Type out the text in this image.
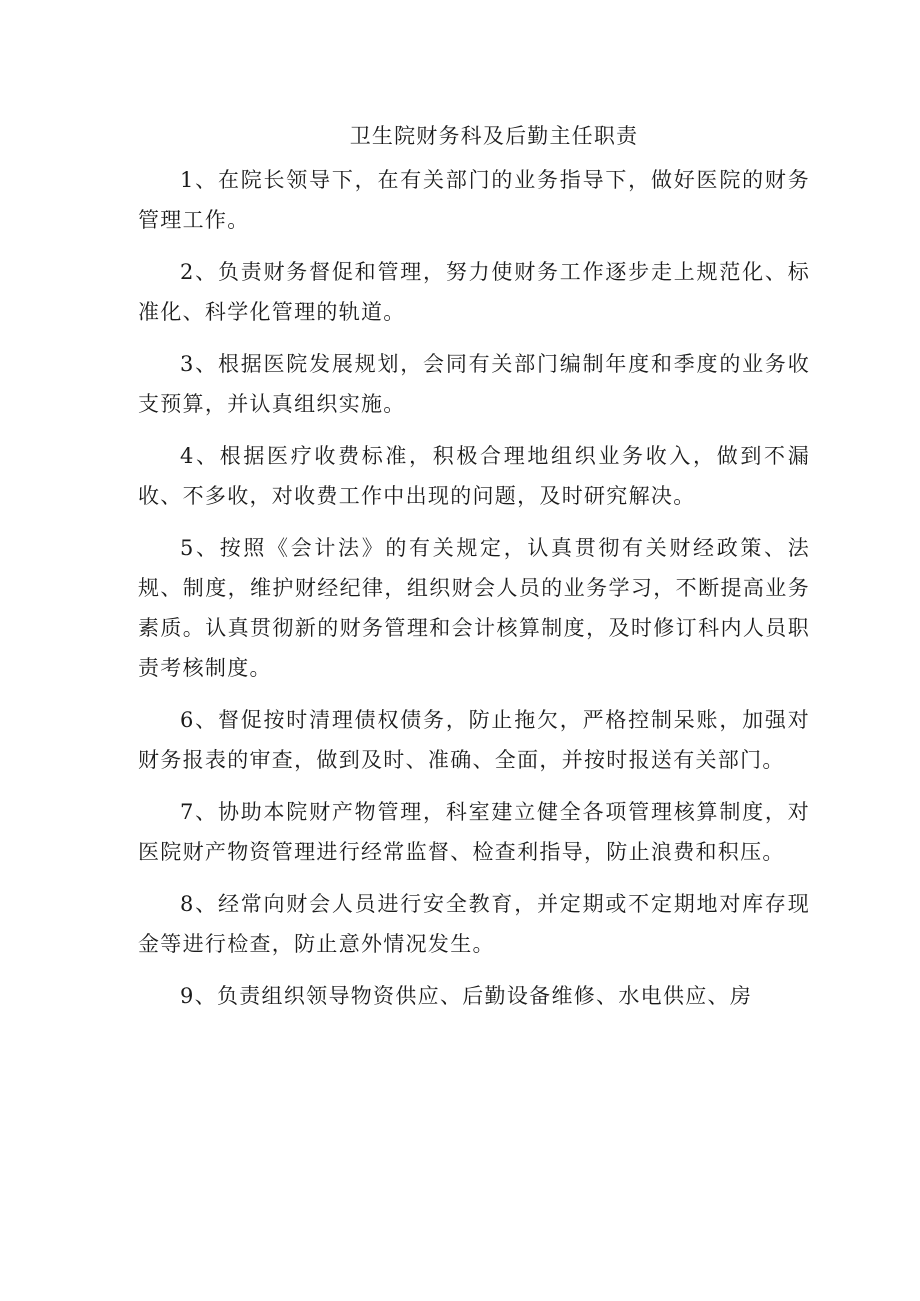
卫生院财务科及后勤主任职责

1、在院长领导下，在有关部门的业务指导下，做好医院的财务管理工作。

2、负责财务督促和管理，努力使财务工作逐步走上规范化、标准化、科学化管理的轨道。

3、根据医院发展规划，会同有关部门编制年度和季度的业务收支预算，并认真组织实施。

4、根据医疗收费标准，积极合理地组织业务收入，做到不漏收、不多收，对收费工作中出现的问题，及时研究解决。

5、按照《会计法》的有关规定，认真贯彻有关财经政策、法规、制度，维护财经纪律，组织财会人员的业务学习，不断提高业务素质。认真贯彻新的财务管理和会计核算制度，及时修订科内人员职责考核制度。

6、督促按时清理债权债务，防止拖欠，严格控制呆账，加强对财务报表的审查，做到及时、准确、全面，并按时报送有关部门。

7、协助本院财产物管理，科室建立健全各项管理核算制度，对医院财产物资管理进行经常监督、检查利指导，防止浪费和积压。

8、经常向财会人员进行安全教育，并定期或不定期地对库存现金等进行检查，防止意外情况发生。

9、负责组织领导物资供应、后勤设备维修、水电供应、房
